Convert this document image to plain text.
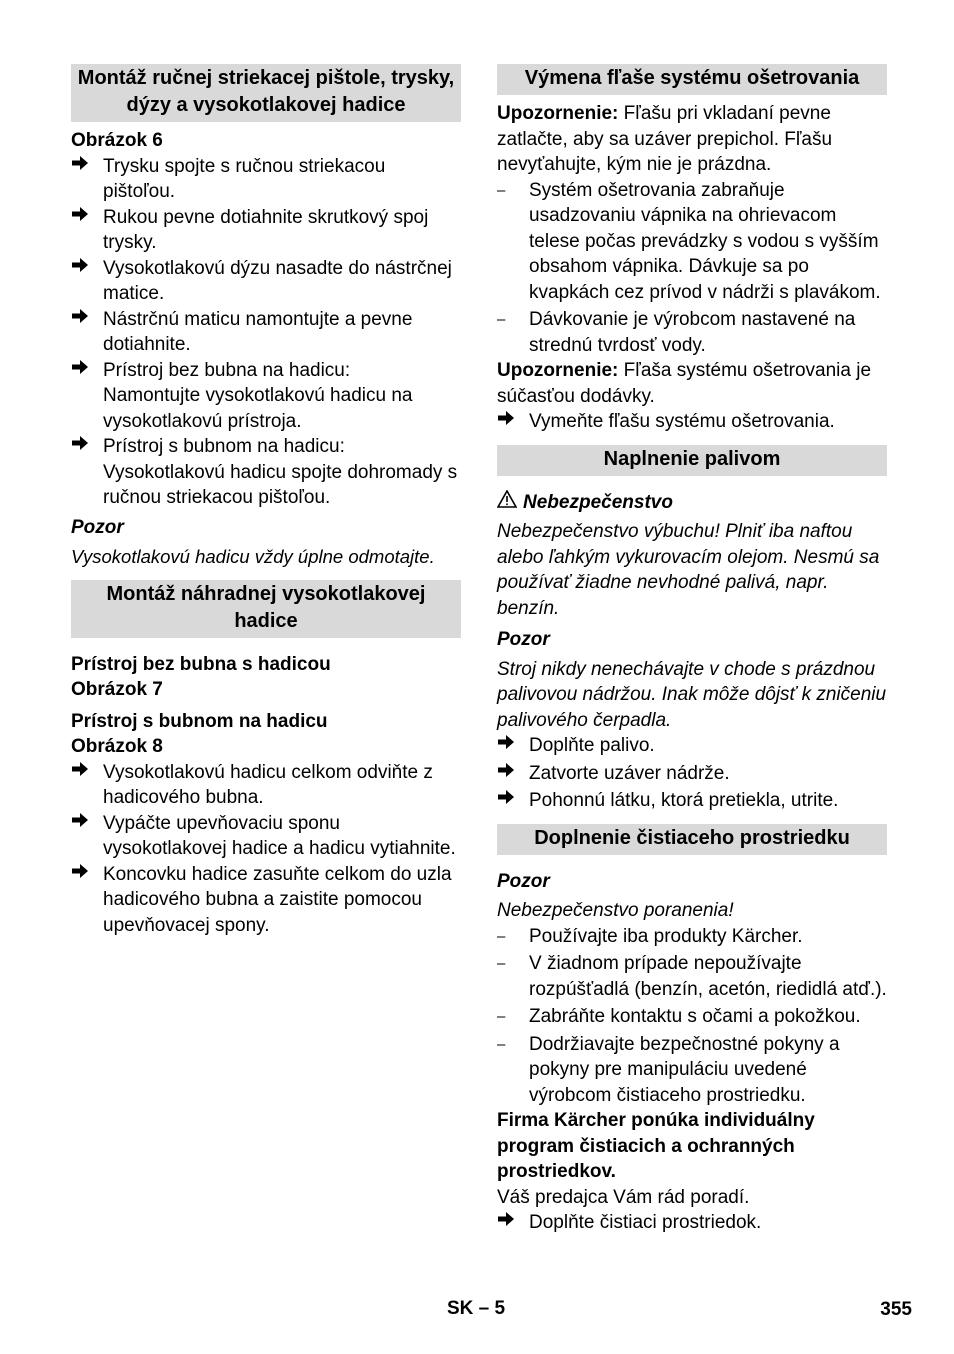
Montáž ručnej striekacej pištole, trysky, dýzy a vysokotlakovej hadice
Obrázok 6
Trysku spojte s ručnou striekacou pištoľou.
Rukou pevne dotiahnite skrutkový spoj trysky.
Vysokotlakovú dýzu nasadte do nástrčnej matice.
Nástrčnú maticu namontujte a pevne dotiahnite.
Prístroj bez bubna na hadicu:
Namontujte vysokotlakovú hadicu na vysokotlakovú prístroja.
Prístroj s bubnom na hadicu:
Vysokotlakovú hadicu spojte dohromady s ručnou striekacou pištoľou.
Pozor
Vysokotlakovú hadicu vždy úplne odmotajte.
Montáž náhradnej vysokotlakovej hadice
Prístroj bez bubna s hadicou
Obrázok 7
Prístroj s bubnom na hadicu
Obrázok 8
Vysokotlakovú hadicu celkom odviňte z hadicového bubna.
Vypáčte upevňovaciu sponu vysokotlakovej hadice a hadicu vytiahnite.
Koncovku hadice zasuňte celkom do uzla hadicového bubna a zaistite pomocou upevňovacej spony.
Výmena fľaše systému ošetrovania
Upozornenie: Fľašu pri vkladaní pevne zatlačte, aby sa uzáver prepichol. Fľašu nevyťahujte, kým nie je prázdna.
–	Systém ošetrovania zabraňuje usadzovaniu vápnika na ohrievacom telese počas prevádzky s vodou s vyšším obsahom vápnika. Dávkuje sa po kvapkách cez prívod v nádrži s plavákom.
–	Dávkovanie je výrobcom nastavené na strednú tvrdosť vody.
Upozornenie: Fľaša systému ošetrovania je súčasťou dodávky.
Vymeňte fľašu systému ošetrovania.
Naplnenie palivom
Nebezpečenstvo
Nebezpečenstvo výbuchu! Plniť iba naftou alebo ľahkým vykurovacím olejom. Nesmú sa používať žiadne nevhodné palivá, napr. benzín.
Pozor
Stroj nikdy nenechávajte v chode s prázdnou palivovou nádržou. Inak môže dôjsť k zničeniu palivového čerpadla.
Doplňte palivo.
Zatvorte uzáver nádrže.
Pohonnú látku, ktorá pretiekla, utrite.
Doplnenie čistiaceho prostriedku
Pozor
Nebezpečenstvo poranenia!
–	Používajte iba produkty Kärcher.
–	V žiadnom prípade nepoužívajte rozpúšťadlá (benzín, acetón, riedidlá atď.).
–	Zabráňte kontaktu s očami a pokožkou.
–	Dodržiavajte bezpečnostné pokyny a pokyny pre manipuláciu uvedené výrobcom čistiaceho prostriedku.
Firma Kärcher ponúka individuálny program čistiacich a ochranných prostriedkov.
Váš predajca Vám rád poradí.
Doplňte čistiaci prostriedok.
SK – 5	355
